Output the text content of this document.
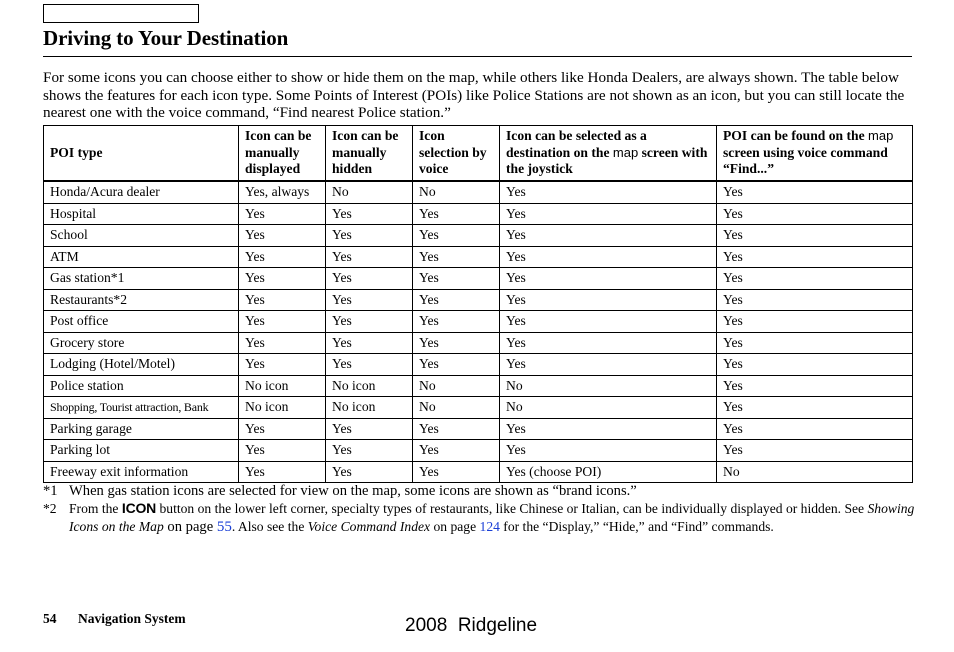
Driving to Your Destination

For some icons you can choose either to show or hide them on the map, while others like Honda Dealers, are always shown. The table below shows the features for each icon type. Some Points of Interest (POIs) like Police Stations are not shown as an icon, but you can still locate the nearest one with the voice command, “Find nearest Police station.”

POI type	Icon can be manually displayed	Icon can be manually hidden	Icon selection by voice	Icon can be selected as a destination on the map screen with the joystick	POI can be found on the map screen using voice command “Find...”
Honda/Acura dealer	Yes, always	No	No	Yes	Yes
Hospital	Yes	Yes	Yes	Yes	Yes
School	Yes	Yes	Yes	Yes	Yes
ATM	Yes	Yes	Yes	Yes	Yes
Gas station*1	Yes	Yes	Yes	Yes	Yes
Restaurants*2	Yes	Yes	Yes	Yes	Yes
Post office	Yes	Yes	Yes	Yes	Yes
Grocery store	Yes	Yes	Yes	Yes	Yes
Lodging (Hotel/Motel)	Yes	Yes	Yes	Yes	Yes
Police station	No icon	No icon	No	No	Yes
Shopping, Tourist attraction, Bank	No icon	No icon	No	No	Yes
Parking garage	Yes	Yes	Yes	Yes	Yes
Parking lot	Yes	Yes	Yes	Yes	Yes
Freeway exit information	Yes	Yes	Yes	Yes (choose POI)	No
*1 When gas station icons are selected for view on the map, some icons are shown as “brand icons.”
*2 From the ICON button on the lower left corner, specialty types of restaurants, like Chinese or Italian, can be individually displayed or hidden. See Showing Icons on the Map on page 55. Also see the Voice Command Index on page 124 for the “Display,” “Hide,” and “Find” commands.
54 Navigation System	2008  Ridgeline
